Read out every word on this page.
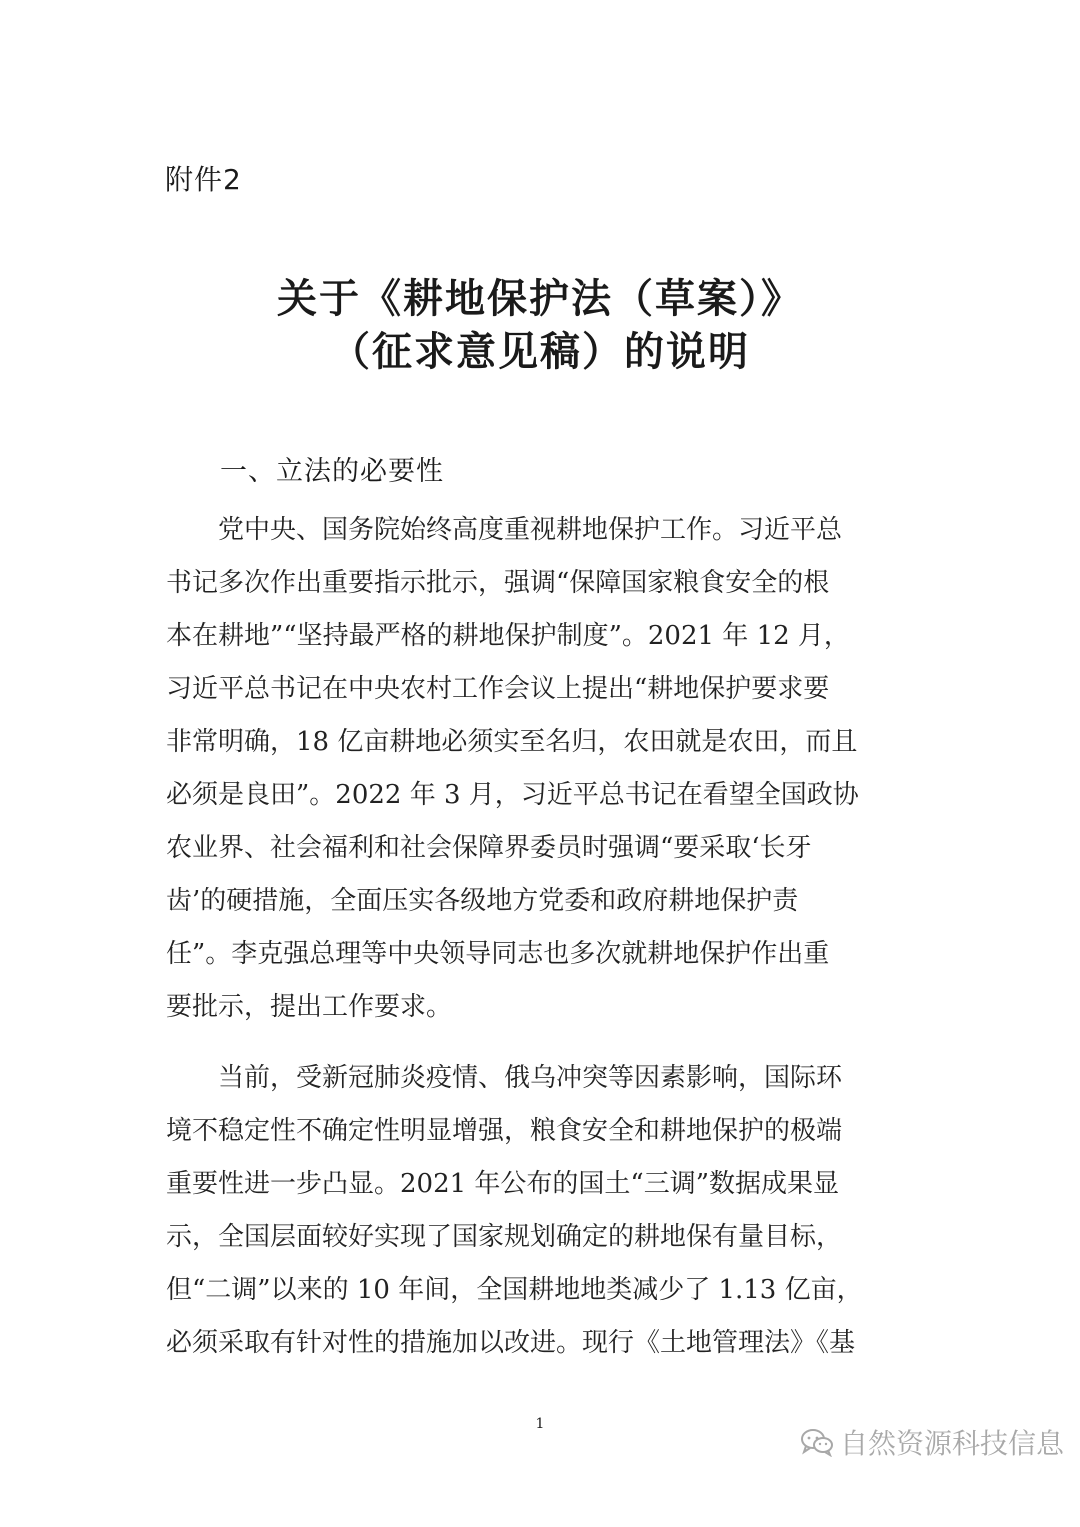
附件2
关于《耕地保护法（草案）》
（征求意见稿）的说明
一、立法的必要性
　　党中央、国务院始终高度重视耕地保护工作。习近平总
书记多次作出重要指示批示，强调“保障国家粮食安全的根
本在耕地”“坚持最严格的耕地保护制度”。2021 年 12 月，
习近平总书记在中央农村工作会议上提出“耕地保护要求要
非常明确，18 亿亩耕地必须实至名归，农田就是农田，而且
必须是良田”。2022 年 3 月，习近平总书记在看望全国政协
农业界、社会福利和社会保障界委员时强调“要采取‘长牙
齿’的硬措施，全面压实各级地方党委和政府耕地保护责
任”。李克强总理等中央领导同志也多次就耕地保护作出重
要批示，提出工作要求。
　　当前，受新冠肺炎疫情、俄乌冲突等因素影响，国际环
境不稳定性不确定性明显增强，粮食安全和耕地保护的极端
重要性进一步凸显。2021 年公布的国土“三调”数据成果显
示，全国层面较好实现了国家规划确定的耕地保有量目标，
但“二调”以来的 10 年间，全国耕地地类减少了 1.13 亿亩，
必须采取有针对性的措施加以改进。现行《土地管理法》《基
1
自然资源科技信息
